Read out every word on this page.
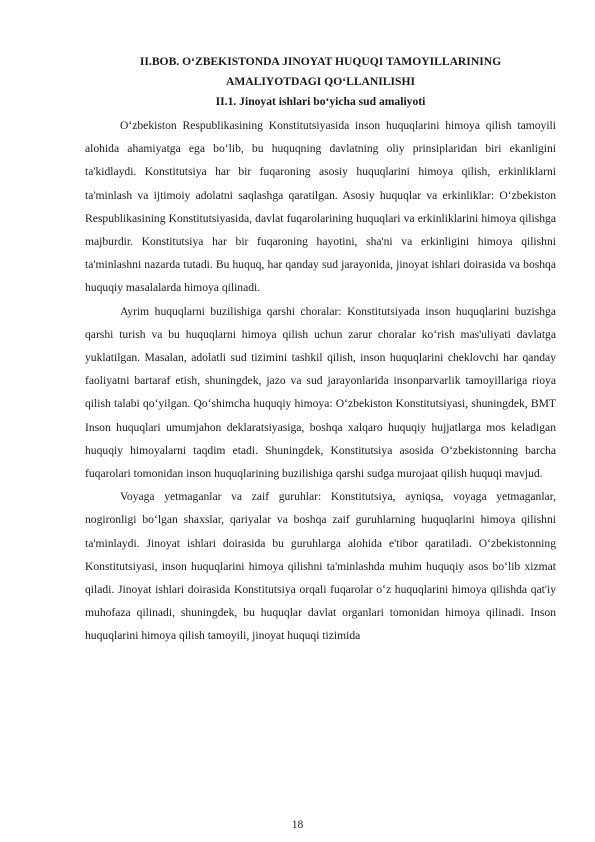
II.BOB. O‘ZBEKISTONDA JINOYAT HUQUQI TAMOYILLARINING

AMALIYOTDAGI QO‘LLANILISHI

II.1. Jinoyat ishlari bo‘yicha sud amaliyoti

O‘zbekiston Respublikasining Konstitutsiyasida inson huquqlarini himoya qilish tamoyili alohida ahamiyatga ega bo‘lib, bu huquqning davlatning oliy prinsiplaridan biri ekanligini ta'kidlaydi. Konstitutsiya har bir fuqaroning asosiy huquqlarini himoya qilish, erkinliklarni ta'minlash va ijtimoiy adolatni saqlashga qaratilgan. Asosiy huquqlar va erkinliklar: O‘zbekiston Respublikasining Konstitutsiyasida, davlat fuqarolarining huquqlari va erkinliklarini himoya qilishga majburdir. Konstitutsiya har bir fuqaroning hayotini, sha'ni va erkinligini himoya qilishni ta'minlashni nazarda tutadi. Bu huquq, har qanday sud jarayonida, jinoyat ishlari doirasida va boshqa huquqiy masalalarda himoya qilinadi.

Ayrim huquqlarni buzilishiga qarshi choralar: Konstitutsiyada inson huquqlarini buzishga qarshi turish va bu huquqlarni himoya qilish uchun zarur choralar ko‘rish mas'uliyati davlatga yuklatilgan. Masalan, adolatli sud tizimini tashkil qilish, inson huquqlarini cheklovchi har qanday faoliyatni bartaraf etish, shuningdek, jazo va sud jarayonlarida insonparvarlik tamoyillariga rioya qilish talabi qo‘yilgan. Qo‘shimcha huquqiy himoya: O‘zbekiston Konstitutsiyasi, shuningdek, BMT Inson huquqlari umumjahon deklaratsiyasiga, boshqa xalqaro huquqiy hujjatlarga mos keladigan huquqiy himoyalarni taqdim etadi. Shuningdek, Konstitutsiya asosida O‘zbekistonning barcha fuqarolari tomonidan inson huquqlarining buzilishiga qarshi sudga murojaat qilish huquqi mavjud.

Voyaga yetmaganlar va zaif guruhlar: Konstitutsiya, ayniqsa, voyaga yetmaganlar, nogironligi bo‘lgan shaxslar, qariyalar va boshqa zaif guruhlarning huquqlarini himoya qilishni ta'minlaydi. Jinoyat ishlari doirasida bu guruhlarga alohida e'tibor qaratiladi. O‘zbekistonning Konstitutsiyasi, inson huquqlarini himoya qilishni ta'minlashda muhim huquqiy asos bo‘lib xizmat qiladi. Jinoyat ishlari doirasida Konstitutsiya orqali fuqarolar o‘z huquqlarini himoya qilishda qat'iy muhofaza qilinadi, shuningdek, bu huquqlar davlat organlari tomonidan himoya qilinadi. Inson huquqlarini himoya qilish tamoyili, jinoyat huquqi tizimida

18
